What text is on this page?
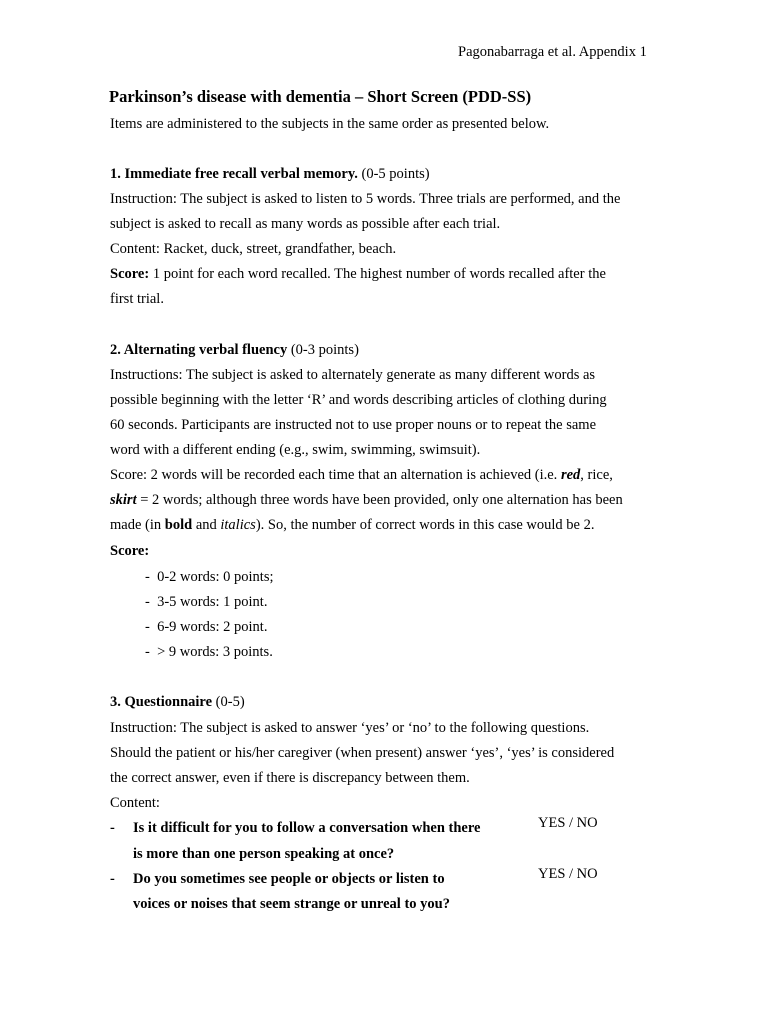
Pagonabarraga et al. Appendix 1
Parkinson’s disease with dementia – Short Screen (PDD-SS)
Items are administered to the subjects in the same order as presented below.
1. Immediate free recall verbal memory. (0-5 points)
Instruction: The subject is asked to listen to 5 words. Three trials are performed, and the
subject is asked to recall as many words as possible after each trial.
Content: Racket, duck, street, grandfather, beach.
Score: 1 point for each word recalled. The highest number of words recalled after the
first trial.
2. Alternating verbal fluency (0-3 points)
Instructions: The subject is asked to alternately generate as many different words as
possible beginning with the letter ‘R’ and words describing articles of clothing during
60 seconds. Participants are instructed not to use proper nouns or to repeat the same
word with a different ending (e.g., swim, swimming, swimsuit).
Score: 2 words will be recorded each time that an alternation is achieved (i.e. red, rice,
skirt = 2 words; although three words have been provided, only one alternation has been
made (in bold and italics). So, the number of correct words in this case would be 2.
Score:
-  0-2 words: 0 points;
-  3-5 words: 1 point.
-  6-9 words: 2 point.
-  > 9 words: 3 points.
3. Questionnaire (0-5)
Instruction: The subject is asked to answer ‘yes’ or ‘no’ to the following questions.
Should the patient or his/her caregiver (when present) answer ‘yes’, ‘yes’ is considered
the correct answer, even if there is discrepancy between them.
Content:
- Is it difficult for you to follow a conversation when there
is more than one person speaking at once?
YES / NO
- Do you sometimes see people or objects or listen to
voices or noises that seem strange or unreal to you?
YES / NO
